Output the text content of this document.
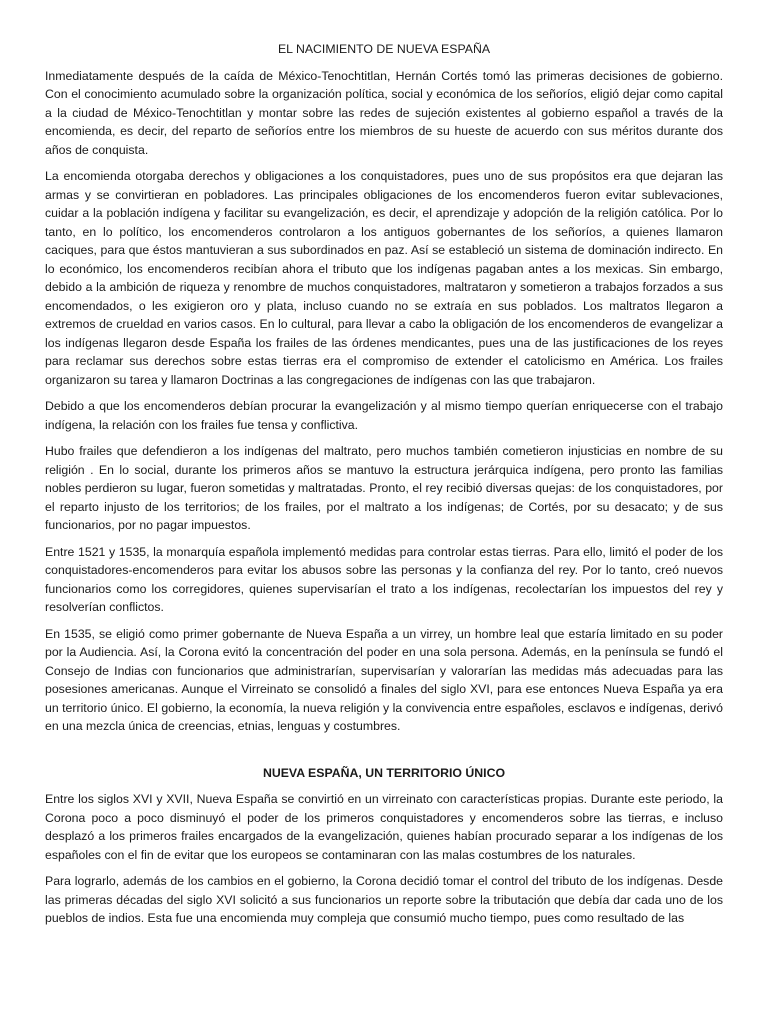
EL NACIMIENTO DE NUEVA ESPAÑA

Inmediatamente después de la caída de México-Tenochtitlan, Hernán Cortés tomó las primeras decisiones de gobierno. Con el conocimiento acumulado sobre la organización política, social y económica de los señoríos, eligió dejar como capital a la ciudad de México-Tenochtitlan y montar sobre las redes de sujeción existentes al gobierno español a través de la encomienda, es decir, del reparto de señoríos entre los miembros de su hueste de acuerdo con sus méritos durante dos años de conquista.

La encomienda otorgaba derechos y obligaciones a los conquistadores, pues uno de sus propósitos era que dejaran las armas y se convirtieran en pobladores. Las principales obligaciones de los encomenderos fueron evitar sublevaciones, cuidar a la población indígena y facilitar su evangelización, es decir, el aprendizaje y adopción de la religión católica. Por lo tanto, en lo político, los encomenderos controlaron a los antiguos gobernantes de los señoríos, a quienes llamaron caciques, para que éstos mantuvieran a sus subordinados en paz. Así se estableció un sistema de dominación indirecto. En lo económico, los encomenderos recibían ahora el tributo que los indígenas pagaban antes a los mexicas. Sin embargo, debido a la ambición de riqueza y renombre de muchos conquistadores, maltrataron y sometieron a trabajos forzados a sus encomendados, o les exigieron oro y plata, incluso cuando no se extraía en sus poblados. Los maltratos llegaron a extremos de crueldad en varios casos. En lo cultural, para llevar a cabo la obligación de los encomenderos de evangelizar a los indígenas llegaron desde España los frailes de las órdenes mendicantes, pues una de las justificaciones de los reyes para reclamar sus derechos sobre estas tierras era el compromiso de extender el catolicismo en América. Los frailes organizaron su tarea y llamaron Doctrinas a las congregaciones de indígenas con las que trabajaron.

Debido a que los encomenderos debían procurar la evangelización y al mismo tiempo querían enriquecerse con el trabajo indígena, la relación con los frailes fue tensa y conflictiva.

Hubo frailes que defendieron a los indígenas del maltrato, pero muchos también cometieron injusticias en nombre de su religión . En lo social, durante los primeros años se mantuvo la estructura jerárquica indígena, pero pronto las familias nobles perdieron su lugar, fueron sometidas y maltratadas. Pronto, el rey recibió diversas quejas: de los conquistadores, por el reparto injusto de los territorios; de los frailes, por el maltrato a los indígenas; de Cortés, por su desacato; y de sus funcionarios, por no pagar impuestos.

Entre 1521 y 1535, la monarquía española implementó medidas para controlar estas tierras. Para ello, limitó el poder de los conquistadores-encomenderos para evitar los abusos sobre las personas y la confianza del rey. Por lo tanto, creó nuevos funcionarios como los corregidores, quienes supervisarían el trato a los indígenas, recolectarían los impuestos del rey y resolverían conflictos.

En 1535, se eligió como primer gobernante de Nueva España a un virrey, un hombre leal que estaría limitado en su poder por la Audiencia. Así, la Corona evitó la concentración del poder en una sola persona. Además, en la península se fundó el Consejo de Indias con funcionarios que administrarían, supervisarían y valorarían las medidas más adecuadas para las posesiones americanas. Aunque el Virreinato se consolidó a finales del siglo XVI, para ese entonces Nueva España ya era un territorio único. El gobierno, la economía, la nueva religión y la convivencia entre españoles, esclavos e indígenas, derivó en una mezcla única de creencias, etnias, lenguas y costumbres.

NUEVA ESPAÑA, UN TERRITORIO ÚNICO

Entre los siglos XVI y XVII, Nueva España se convirtió en un virreinato con características propias. Durante este periodo, la Corona poco a poco disminuyó el poder de los primeros conquistadores y encomenderos sobre las tierras, e incluso desplazó a los primeros frailes encargados de la evangelización, quienes habían procurado separar a los indígenas de los españoles con el fin de evitar que los europeos se contaminaran con las malas costumbres de los naturales.

Para lograrlo, además de los cambios en el gobierno, la Corona decidió tomar el control del tributo de los indígenas. Desde las primeras décadas del siglo XVI solicitó a sus funcionarios un reporte sobre la tributación que debía dar cada uno de los pueblos de indios. Esta fue una encomienda muy compleja que consumió mucho tiempo, pues como resultado de las
